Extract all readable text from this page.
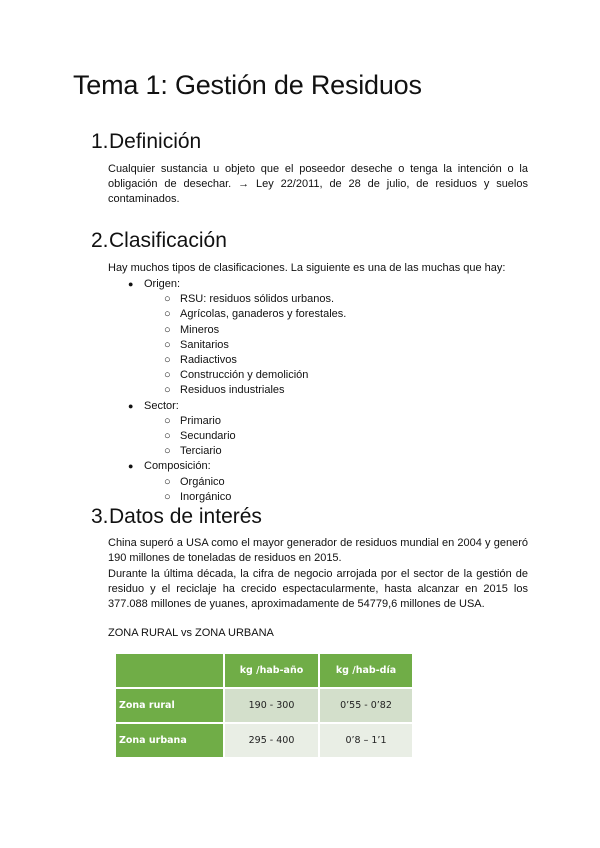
Tema 1: Gestión de Residuos
1.Definición

Cualquier sustancia u objeto que el poseedor deseche o tenga la intención o la obligación de desechar. → Ley 22/2011, de 28 de julio, de residuos y suelos contaminados.

2.Clasificación

Hay muchos tipos de clasificaciones. La siguiente es una de las muchas que hay:

● Origen:
○ RSU: residuos sólidos urbanos.
○ Agrícolas, ganaderos y forestales.
○ Mineros
○ Sanitarios
○ Radiactivos
○ Construcción y demolición
○ Residuos industriales
● Sector:
○ Primario
○ Secundario
○ Terciario
● Composición:
○ Orgánico
○ Inorgánico
3.Datos de interés

China superó a USA como el mayor generador de residuos mundial en 2004 y generó 190 millones de toneladas de residuos en 2015.

Durante la última década, la cifra de negocio arrojada por el sector de la gestión de residuo y el reciclaje ha crecido espectacularmente, hasta alcanzar en 2015 los 377.088 millones de yuanes, aproximadamente de 54779,6 millones de USA.

ZONA RURAL vs ZONA URBANA

	kg /hab-año	kg /hab-día
Zona rural	190 - 300	0’55 - 0’82
Zona urbana	295 - 400	0’8 – 1’1
